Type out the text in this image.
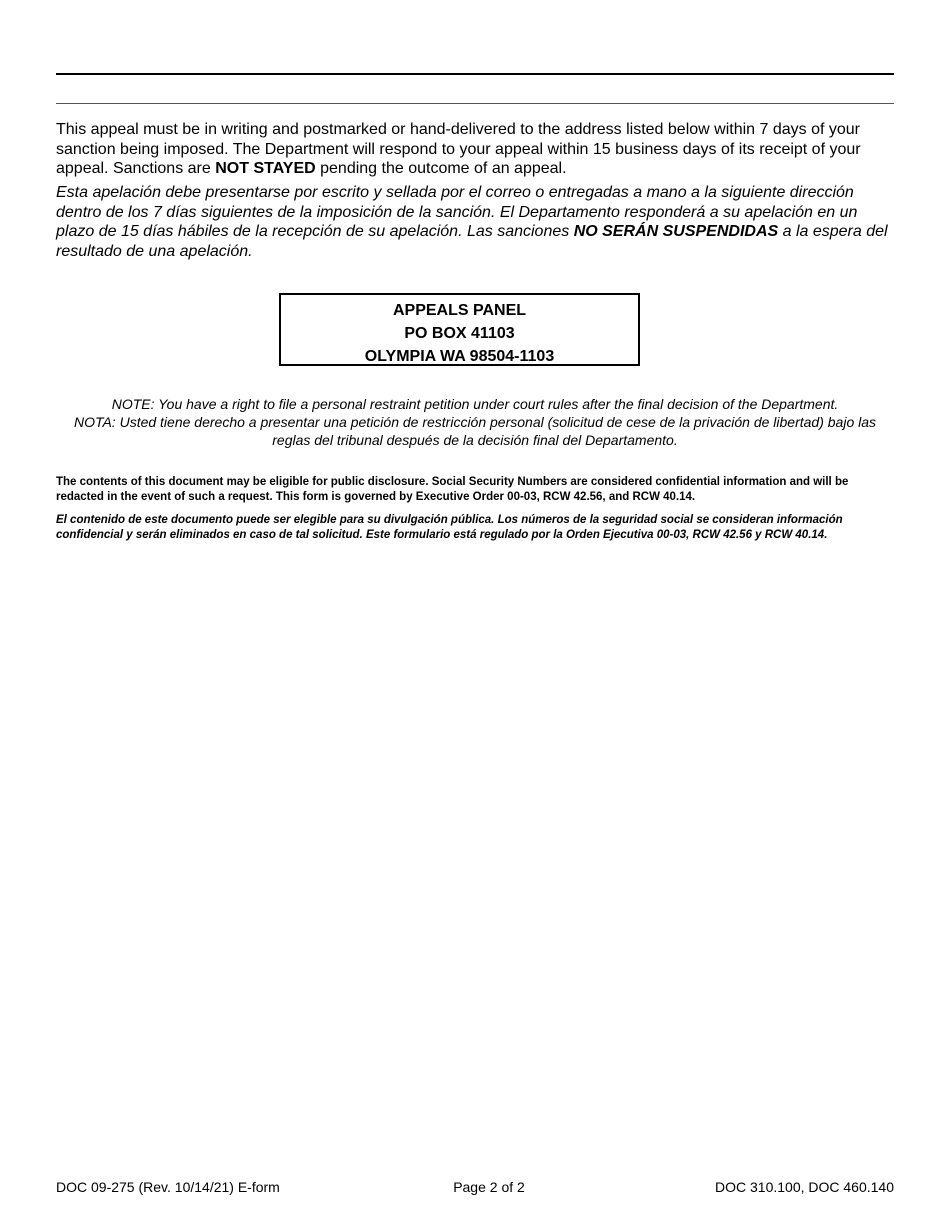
This appeal must be in writing and postmarked or hand-delivered to the address listed below within 7 days of your sanction being imposed. The Department will respond to your appeal within 15 business days of its receipt of your appeal. Sanctions are NOT STAYED pending the outcome of an appeal.

Esta apelación debe presentarse por escrito y sellada por el correo o entregadas a mano a la siguiente dirección dentro de los 7 días siguientes de la imposición de la sanción. El Departamento responderá a su apelación en un plazo de 15 días hábiles de la recepción de su apelación. Las sanciones NO SERÁN SUSPENDIDAS a la espera del resultado de una apelación.

APPEALS PANEL
PO BOX 41103
OLYMPIA WA 98504-1103
NOTE: You have a right to file a personal restraint petition under court rules after the final decision of the Department.
NOTA: Usted tiene derecho a presentar una petición de restricción personal (solicitud de cese de la privación de libertad) bajo las reglas del tribunal después de la decisión final del Departamento.

The contents of this document may be eligible for public disclosure. Social Security Numbers are considered confidential information and will be redacted in the event of such a request. This form is governed by Executive Order 00-03, RCW 42.56, and RCW 40.14.

El contenido de este documento puede ser elegible para su divulgación pública. Los números de la seguridad social se consideran información confidencial y serán eliminados en caso de tal solicitud. Este formulario está regulado por la Orden Ejecutiva 00-03, RCW 42.56 y RCW 40.14.

DOC 09-275 (Rev. 10/14/21) E-form	Page 2 of 2	DOC 310.100, DOC 460.140
